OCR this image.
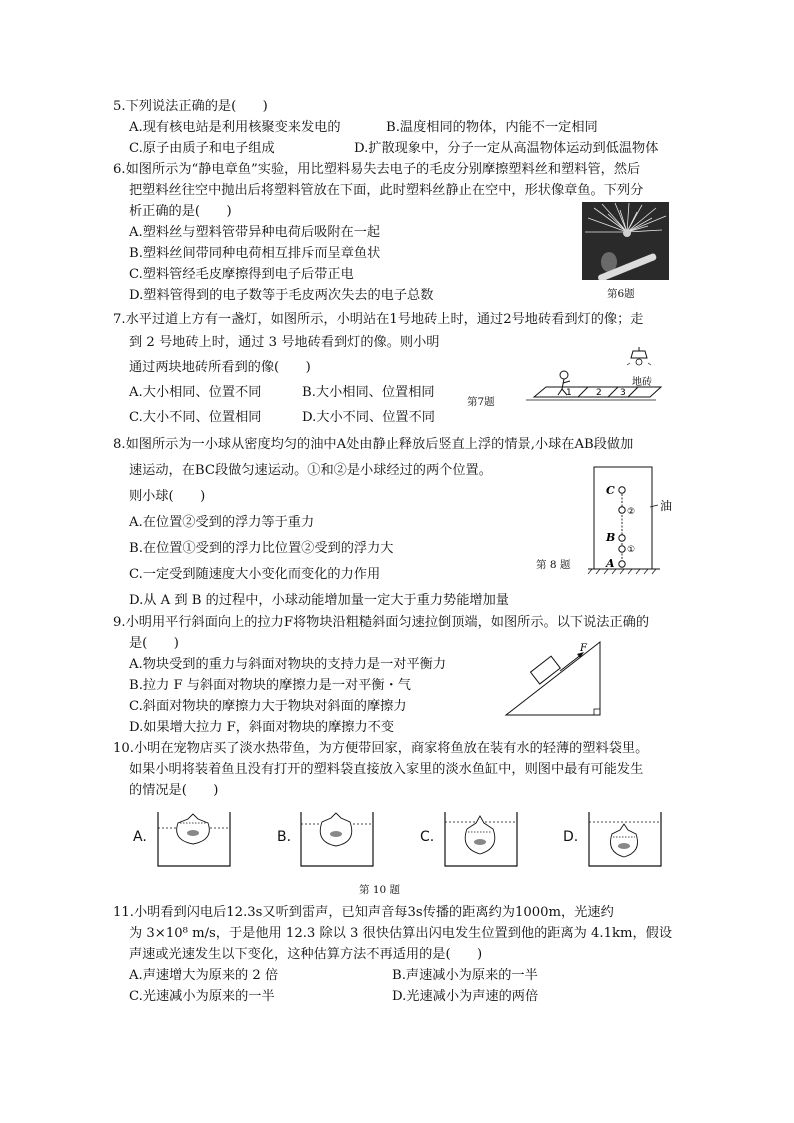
5.下列说法正确的是(　　)
A.现有核电站是利用核聚变来发电的	B.温度相同的物体，内能不一定相同
C.原子由质子和电子组成	D.扩散现象中，分子一定从高温物体运动到低温物体
6.如图所示为“静电章鱼”实验，用比塑料易失去电子的毛皮分别摩擦塑料丝和塑料管，然后
把塑料丝往空中抛出后将塑料管放在下面，此时塑料丝静止在空中，形状像章鱼。下列分
析正确的是(　　)
A.塑料丝与塑料管带异种电荷后吸附在一起
B.塑料丝间带同种电荷相互排斥而呈章鱼状
C.塑料管经毛皮摩擦得到电子后带正电
D.塑料管得到的电子数等于毛皮两次失去的电子总数	第6题
7.水平过道上方有一盏灯，如图所示，小明站在1号地砖上时，通过2号地砖看到灯的像；走
到 2 号地砖上时，通过 3 号地砖看到灯的像。则小明
通过两块地砖所看到的像(　　)
A.大小相同、位置不同	B.大小相同、位置相同
C.大小不同、位置相同	D.大小不同、位置不同
第7题
1	2 3
地砖
8.如图所示为一小球从密度均匀的油中A处由静止释放后竖直上浮的情景,小球在AB段做加
速运动，在BC段做匀速运动。①和②是小球经过的两个位置。
则小球(　　)
A.在位置②受到的浮力等于重力
B.在位置①受到的浮力比位置②受到的浮力大
C.一定受到随速度大小变化而变化的力作用
D.从 A 到 B 的过程中，小球动能增加量一定大于重力势能增加量
第 8 题
C
B
A
②
①
油
9.小明用平行斜面向上的拉力F将物块沿粗糙斜面匀速拉倒顶端，如图所示。以下说法正确的
是(　　)
A.物块受到的重力与斜面对物块的支持力是一对平衡力
B.拉力 F 与斜面对物块的摩擦力是一对平衡・气
C.斜面对物块的摩擦力大于物块对斜面的摩擦力
D.如果增大拉力 F，斜面对物块的摩擦力不变
F
10.小明在宠物店买了淡水热带鱼，为方便带回家，商家将鱼放在装有水的轻薄的塑料袋里。
如果小明将装着鱼且没有打开的塑料袋直接放入家里的淡水鱼缸中，则图中最有可能发生
的情况是(　　)
A.	B.	C.	D.
第 10 题
11.小明看到闪电后12.3s又听到雷声，已知声音每3s传播的距离约为1000m，光速约
为 3×10⁸ m/s，于是他用 12.3 除以 3 很快估算出闪电发生位置到他的距离为 4.1km，假设
声速或光速发生以下变化，这种估算方法不再适用的是(　　)
A.声速增大为原来的 2 倍	B.声速减小为原来的一半
C.光速减小为原来的一半	D.光速减小为声速的两倍
